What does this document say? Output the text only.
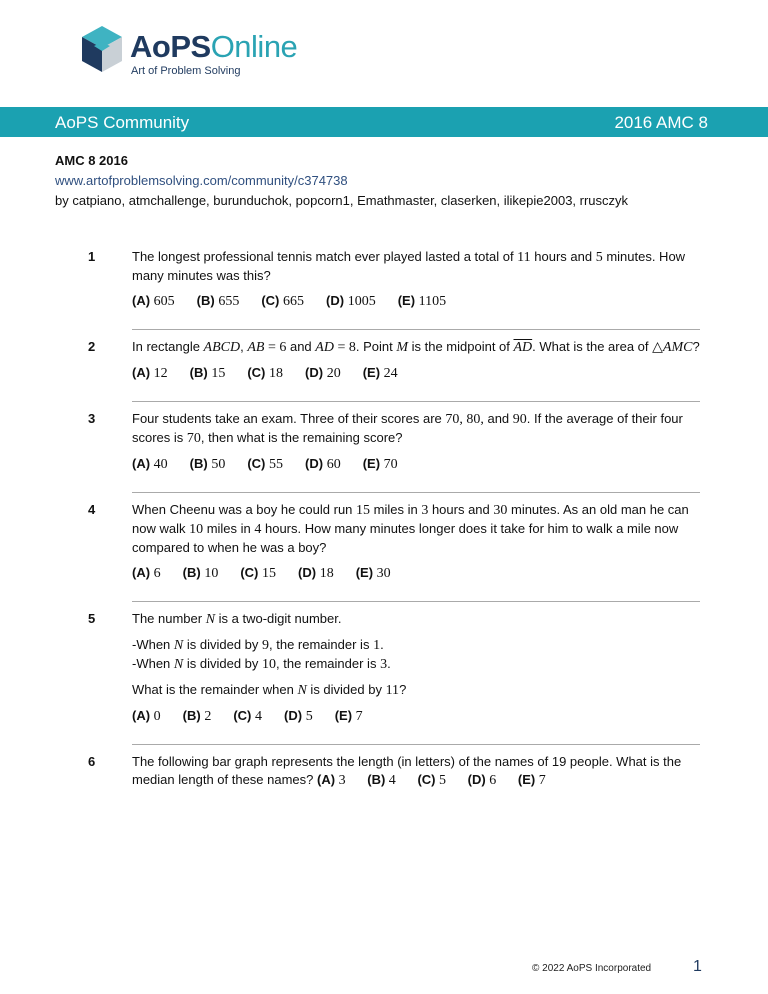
AoPSOnline
Art of Problem Solving
AoPS Community	2016 AMC 8
AMC 8 2016
www.artofproblemsolving.com/community/c374738
by catpiano, atmchallenge, burunduchok, popcorn1, Emathmaster, claserken, ilikepie2003, rrusczyk
1	The longest professional tennis match ever played lasted a total of 11 hours and 5 minutes. How many minutes was this?
(A) 605 (B) 655 (C) 665 (D) 1005 (E) 1105
2	In rectangle ABCD, AB = 6 and AD = 8. Point M is the midpoint of $\overline{AD}$. What is the area of △AMC?
(A) 12 (B) 15 (C) 18 (D) 20 (E) 24
3	Four students take an exam. Three of their scores are 70, 80, and 90. If the average of their four scores is 70, then what is the remaining score?
(A) 40 (B) 50 (C) 55 (D) 60 (E) 70
4	When Cheenu was a boy he could run 15 miles in 3 hours and 30 minutes. As an old man he can now walk 10 miles in 4 hours. How many minutes longer does it take for him to walk a mile now compared to when he was a boy?
(A) 6 (B) 10 (C) 15 (D) 18 (E) 30
5	The number N is a two-digit number.
-When N is divided by 9, the remainder is 1.
-When N is divided by 10, the remainder is 3.
What is the remainder when N is divided by 11?
(A) 0 (B) 2 (C) 4 (D) 5 (E) 7
6	The following bar graph represents the length (in letters) of the names of 19 people. What is the median length of these names? (A) 3 (B) 4 (C) 5 (D) 6 (E) 7
© 2022 AoPS Incorporated	1
